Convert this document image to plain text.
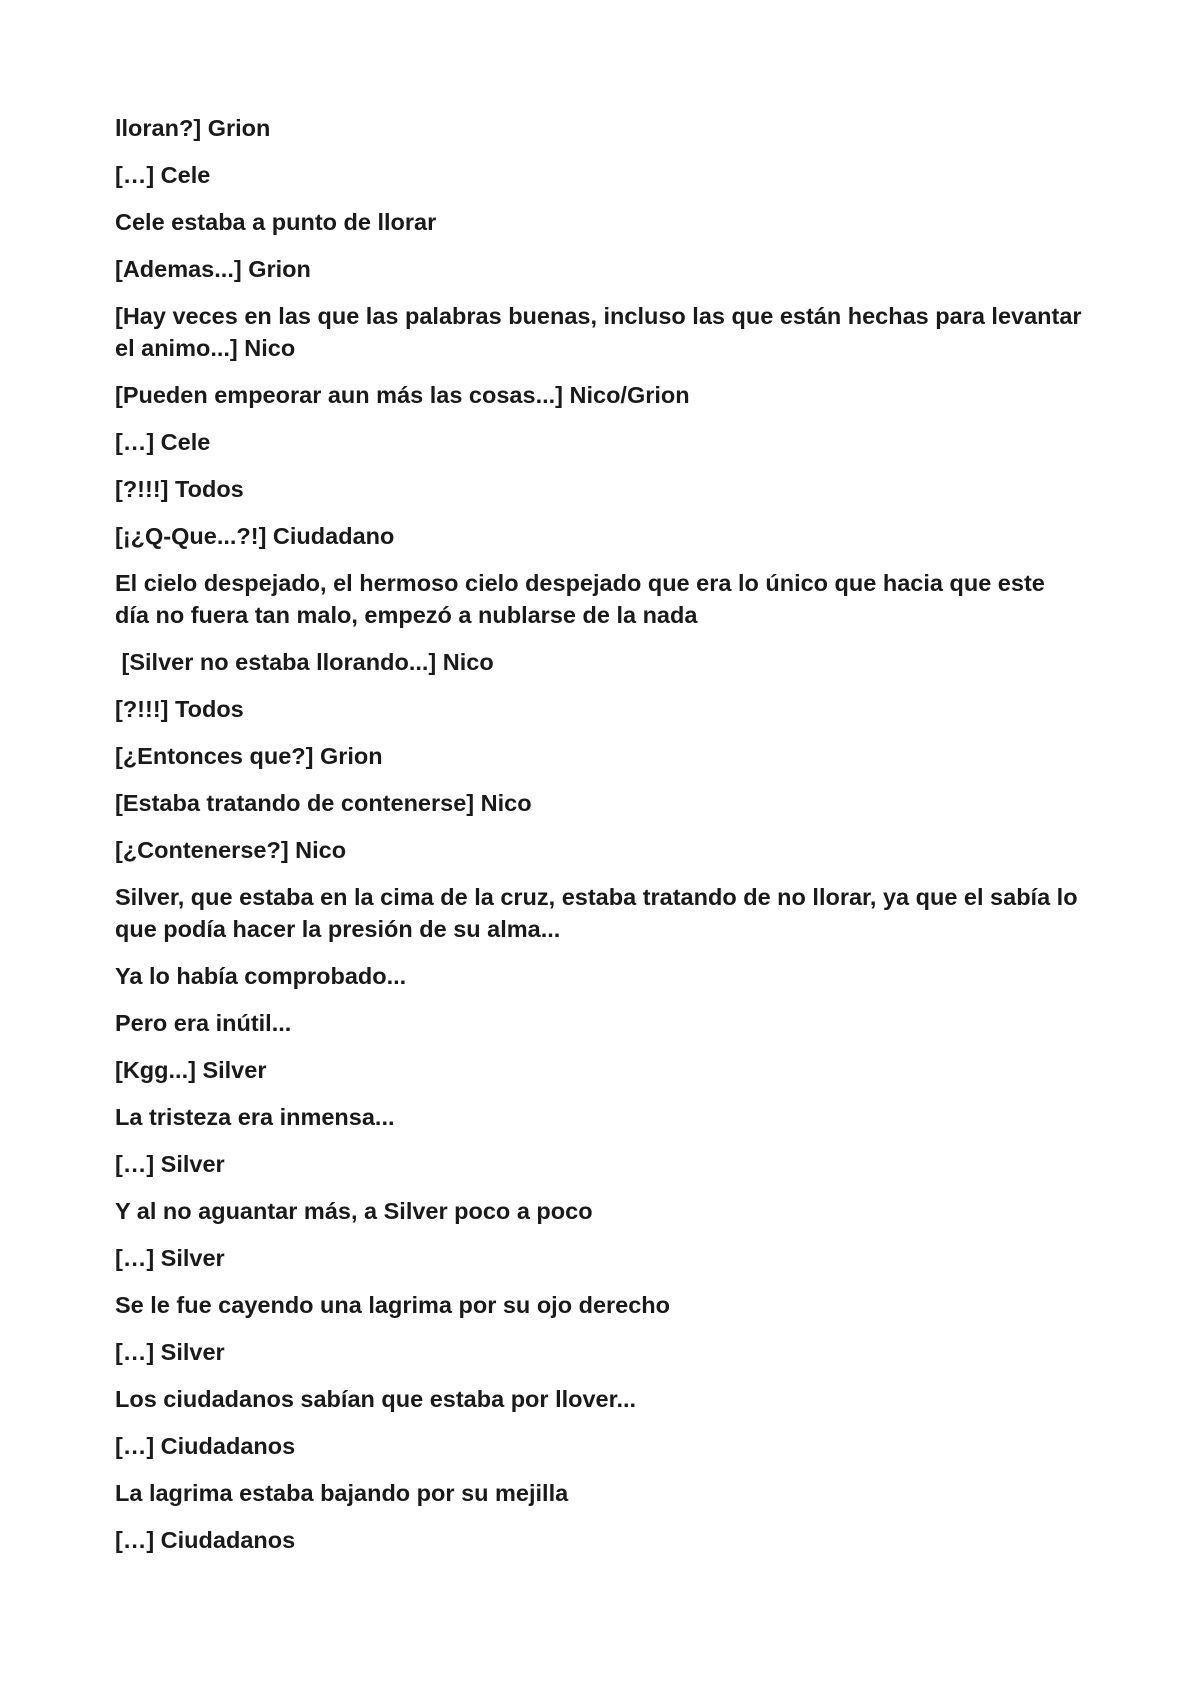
lloran?] Grion

[…] Cele

Cele estaba a punto de llorar

[Ademas...] Grion

[Hay veces en las que las palabras buenas, incluso las que están hechas para levantar el animo...] Nico

[Pueden empeorar aun más las cosas...] Nico/Grion

[…] Cele

[?!!!] Todos

[¡¿Q-Que...?!] Ciudadano

El cielo despejado, el hermoso cielo despejado que era lo único que hacia que este día no fuera tan malo, empezó a nublarse de la nada

[Silver no estaba llorando...] Nico

[?!!!] Todos

[¿Entonces que?] Grion

[Estaba tratando de contenerse] Nico

[¿Contenerse?] Nico

Silver, que estaba en la cima de la cruz, estaba tratando de no llorar, ya que el sabía lo que podía hacer la presión de su alma...

Ya lo había comprobado...

Pero era inútil...

[Kgg...] Silver

La tristeza era inmensa...

[…] Silver

Y al no aguantar más, a Silver poco a poco

[…] Silver

Se le fue cayendo una lagrima por su ojo derecho

[…] Silver

Los ciudadanos sabían que estaba por llover...

[…] Ciudadanos

La lagrima estaba bajando por su mejilla

[…] Ciudadanos
